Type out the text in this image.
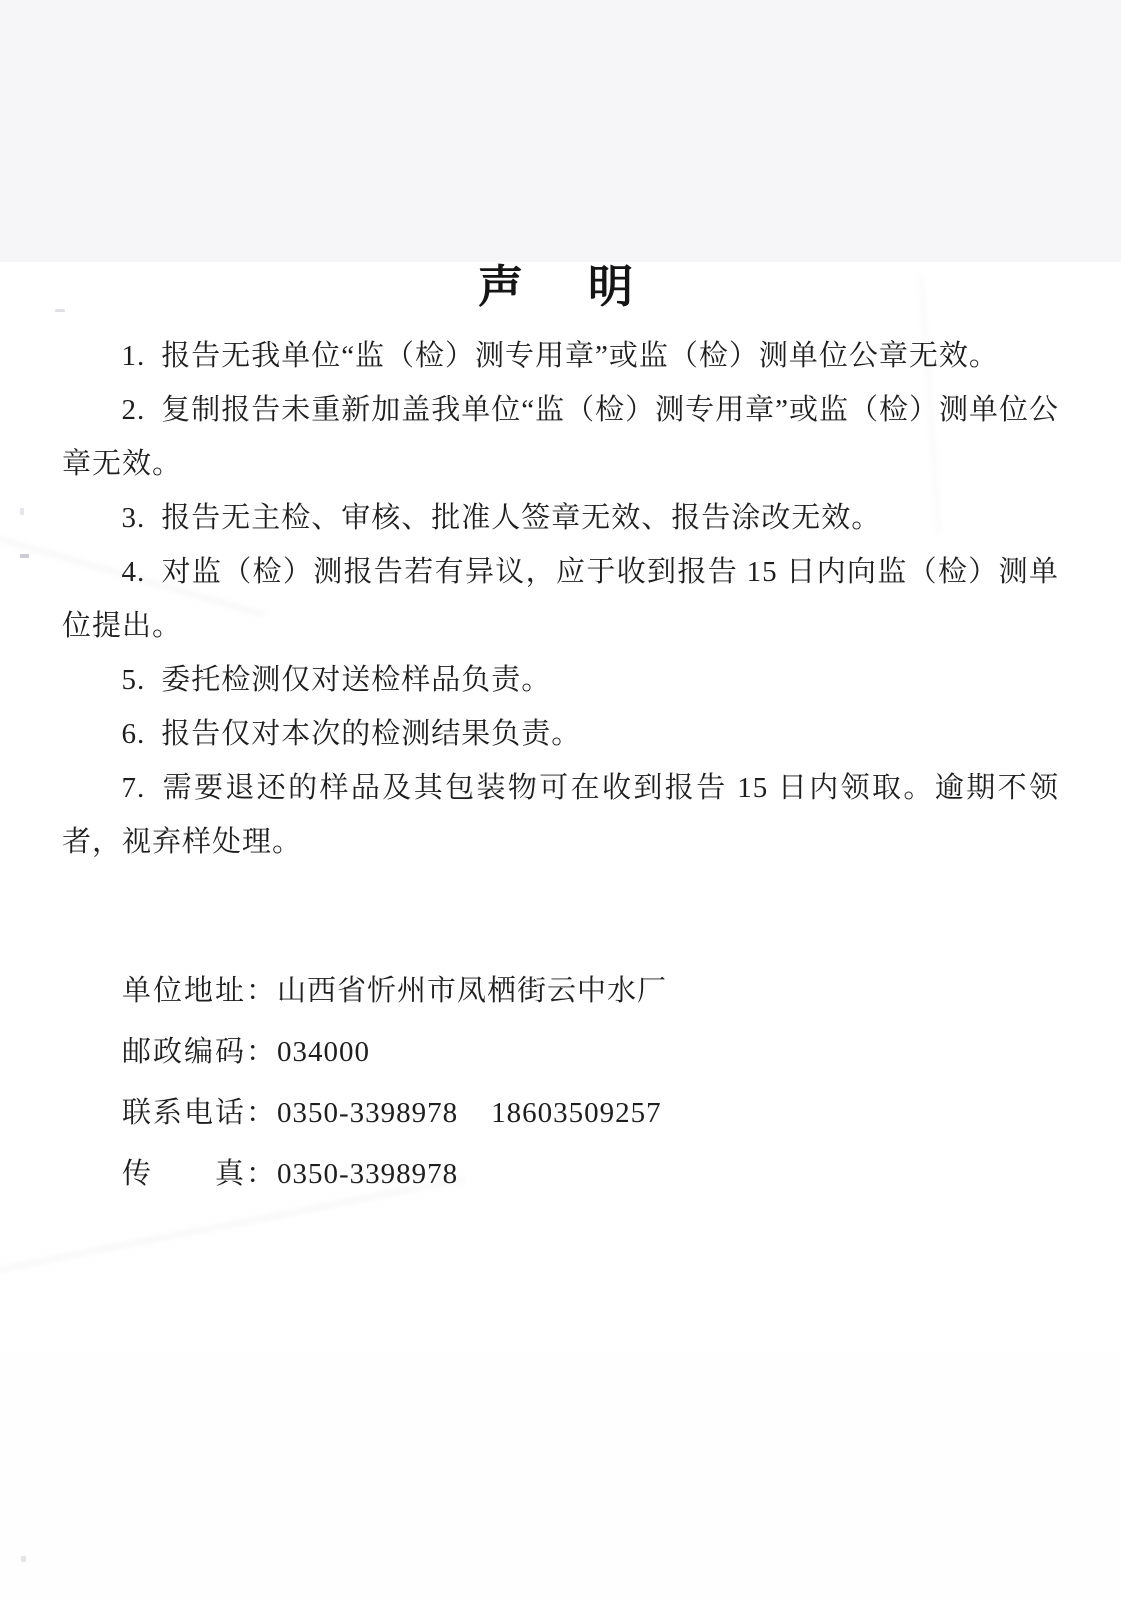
声　明

1. 报告无我单位“监（检）测专用章”或监（检）测单位公章无效。

2. 复制报告未重新加盖我单位“监（检）测专用章”或监（检）测单位公章无效。

3. 报告无主检、审核、批准人签章无效、报告涂改无效。

4. 对监（检）测报告若有异议，应于收到报告 15 日内向监（检）测单位提出。

5. 委托检测仅对送检样品负责。

6. 报告仅对本次的检测结果负责。

7. 需要退还的样品及其包装物可在收到报告 15 日内领取。逾期不领者，视弃样处理。

单位地址：山西省忻州市凤栖街云中水厂
邮政编码：034000
联系电话：0350-3398978    18603509257
传　　真：0350-3398978
